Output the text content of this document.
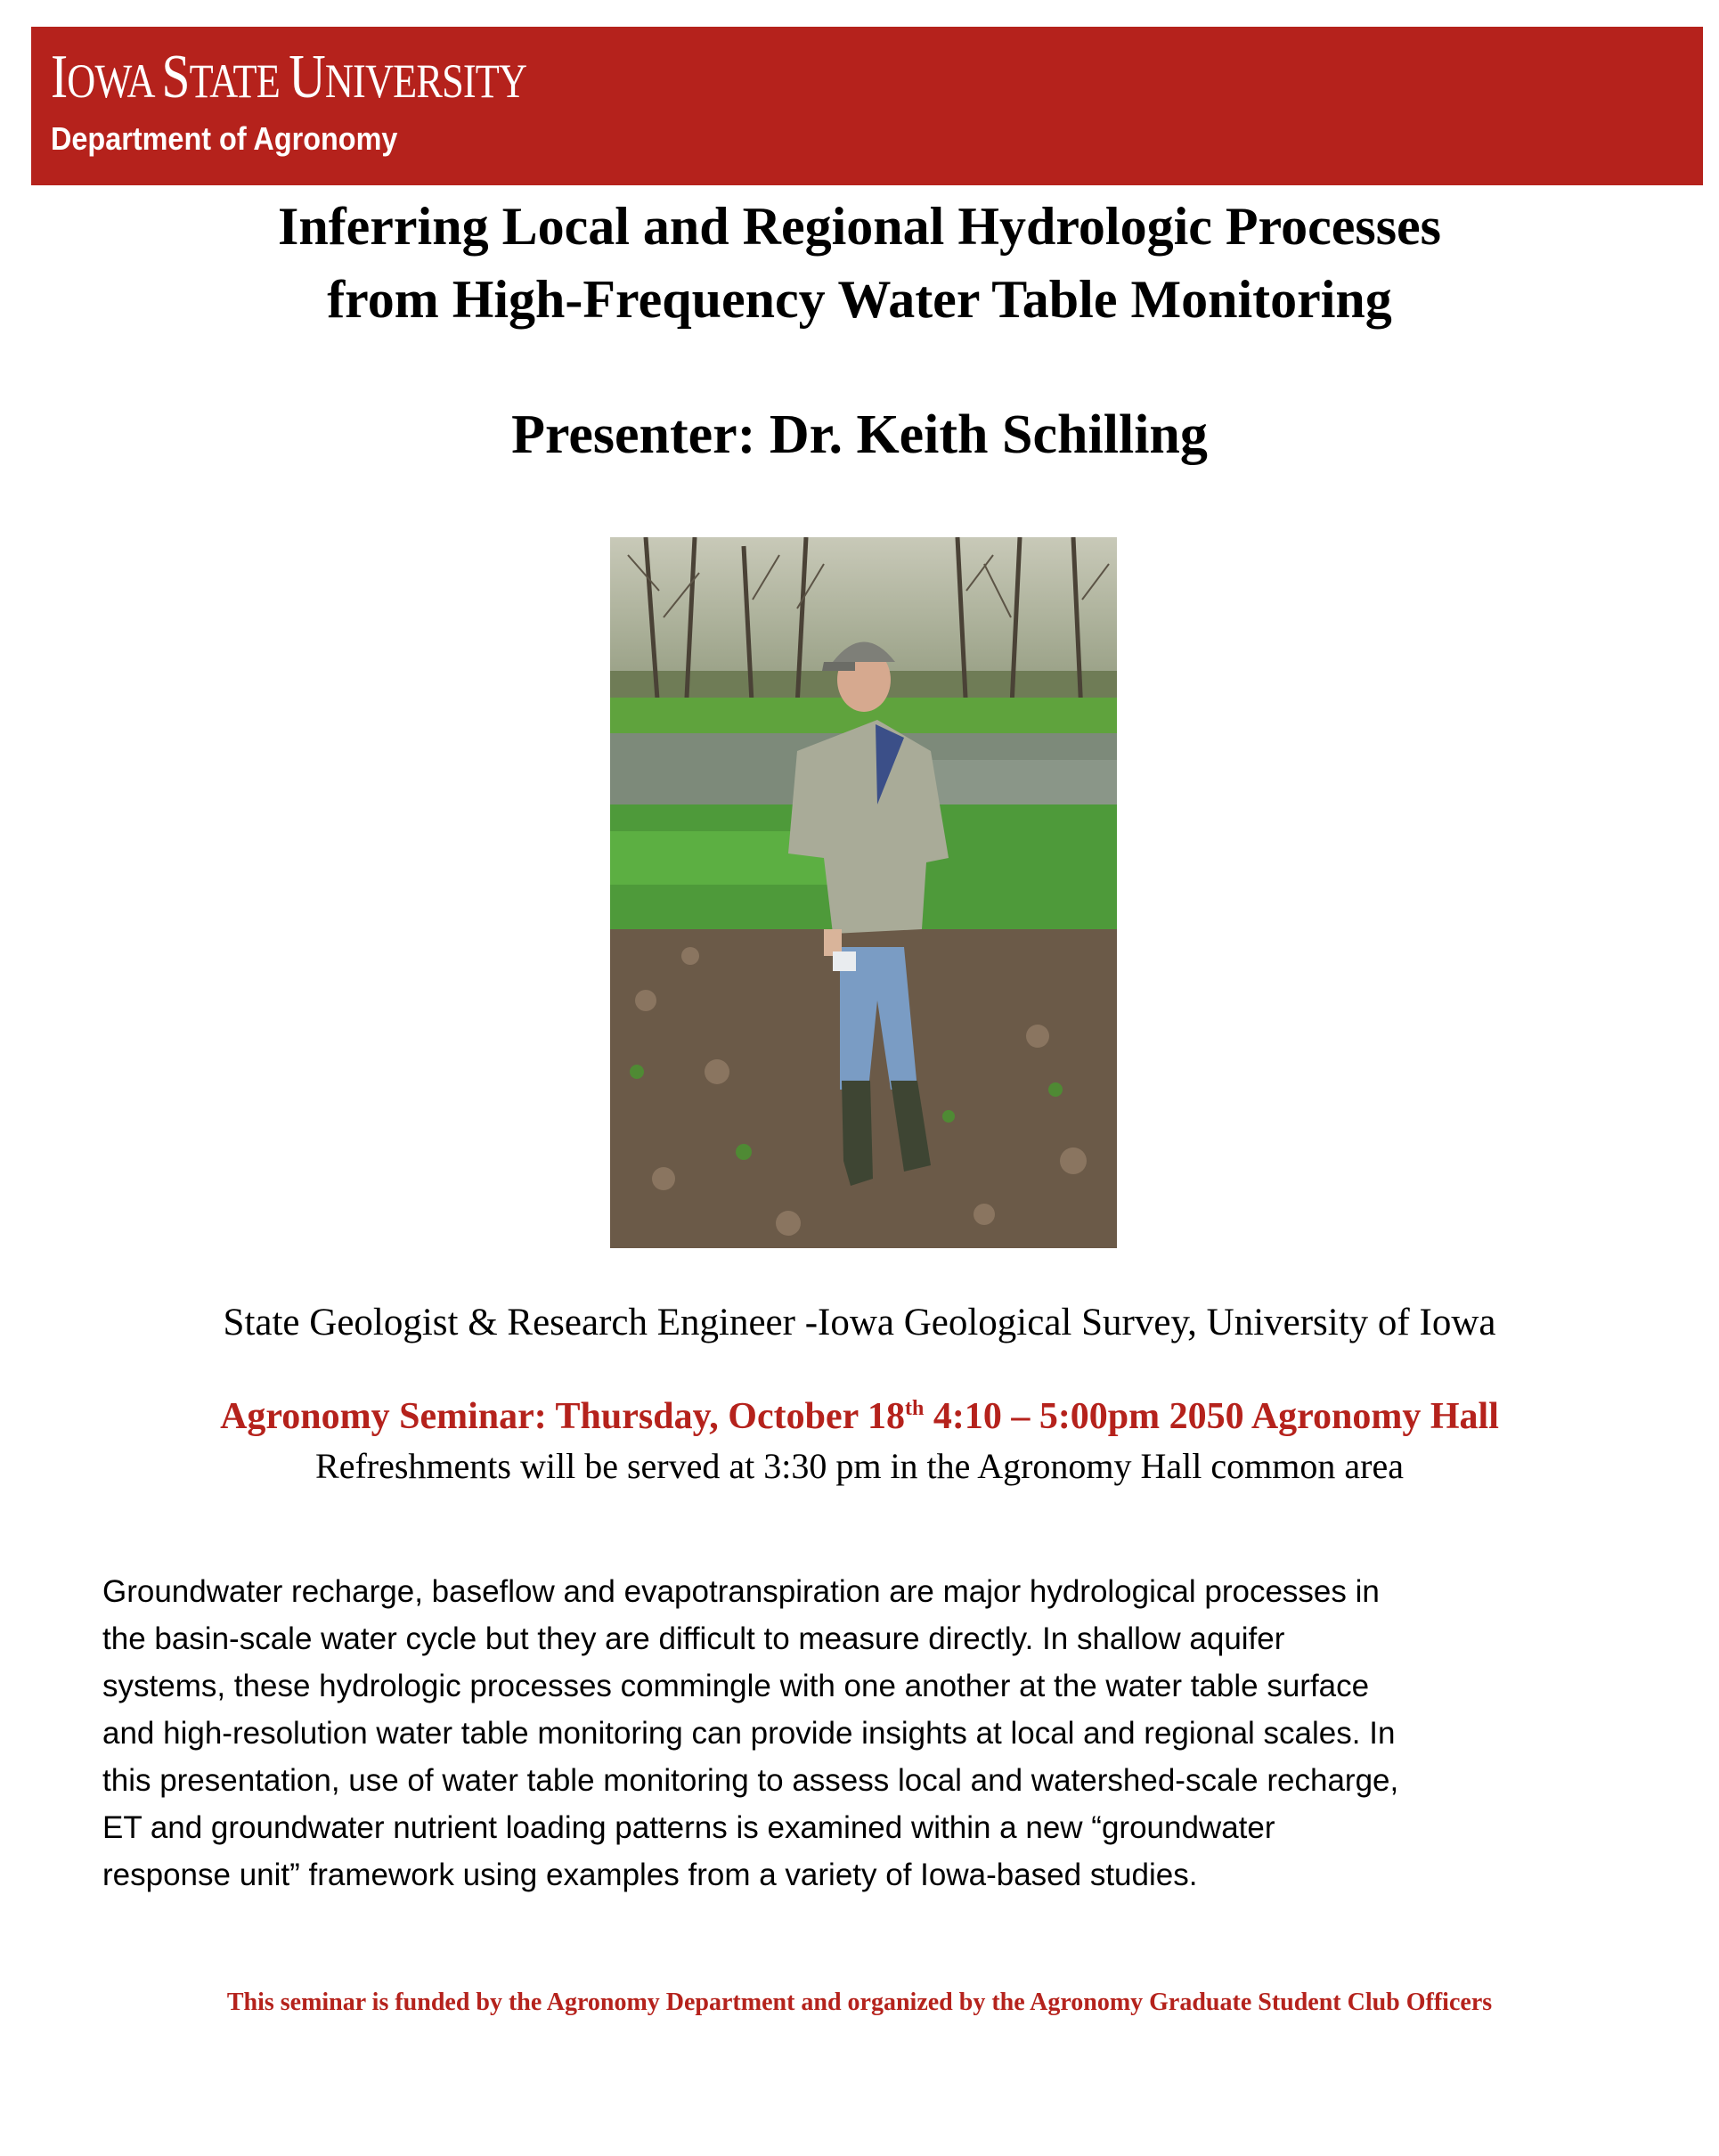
IOWA STATE UNIVERSITY
Department of Agronomy
Inferring Local and Regional Hydrologic Processes
from High-Frequency Water Table Monitoring
Presenter: Dr. Keith Schilling
State Geologist & Research Engineer -Iowa Geological Survey, University of Iowa
Agronomy Seminar: Thursday, October 18th 4:10 – 5:00pm 2050 Agronomy Hall
Refreshments will be served at 3:30 pm in the Agronomy Hall common area
Groundwater recharge, baseflow and evapotranspiration are major hydrological processes in
the basin-scale water cycle but they are difficult to measure directly. In shallow aquifer
systems, these hydrologic processes commingle with one another at the water table surface
and high-resolution water table monitoring can provide insights at local and regional scales. In
this presentation, use of water table monitoring to assess local and watershed-scale recharge,
ET and groundwater nutrient loading patterns is examined within a new “groundwater
response unit” framework using examples from a variety of Iowa-based studies.
This seminar is funded by the Agronomy Department and organized by the Agronomy Graduate Student Club Officers
